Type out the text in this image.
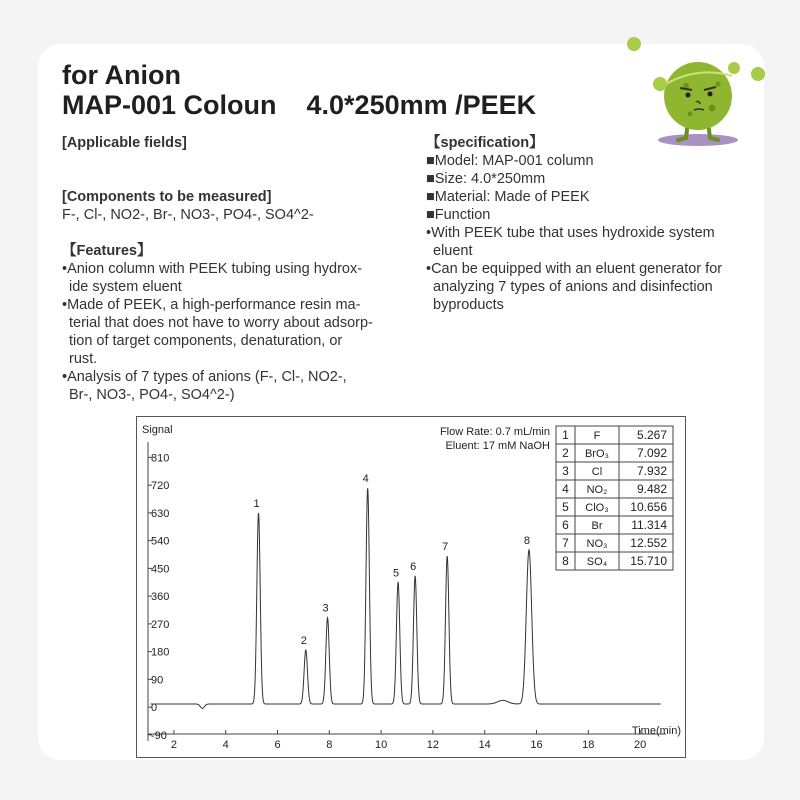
for Anion
MAP-001 Coloun    4.0*250mm /PEEK
[Applicable fields]
[Components to be measured]
F-, Cl-, NO2-, Br-, NO3-, PO4-, SO4^2-
【Features】
•Anion column with PEEK tubing using hydrox-
ide system eluent
•Made of PEEK, a high-performance resin ma-
terial that does not have to worry about adsorp-
tion of target components, denaturation, or
rust.
•Analysis of 7 types of anions (F-, Cl-, NO2-,
Br-, NO3-, PO4-, SO4^2-)
【specification】
■Model: MAP-001 column
■Size: 4.0*250mm
■Material: Made of PEEK
■Function
•With PEEK tube that uses hydroxide system
eluent
•Can be equipped with an eluent generator for
analyzing 7 types of anions and disinfection
byproducts
Signal
Time(min)
Flow Rate: 0.7 mL/min
Eluent: 17 mM NaOH
-90
0
90
180
270
360
450
540
630
720
810
2	4	6	8	10	12	14	16	18	20
1
2
3
4
5
6
7
8
1 F	5.267
2 BrO₃ 7.092
3 Cl	7.932
4 NO₂ 9.482
5 ClO₃ 10.656
6 Br 11.314
7 NO₃ 12.552
8 SO₄ 15.710
